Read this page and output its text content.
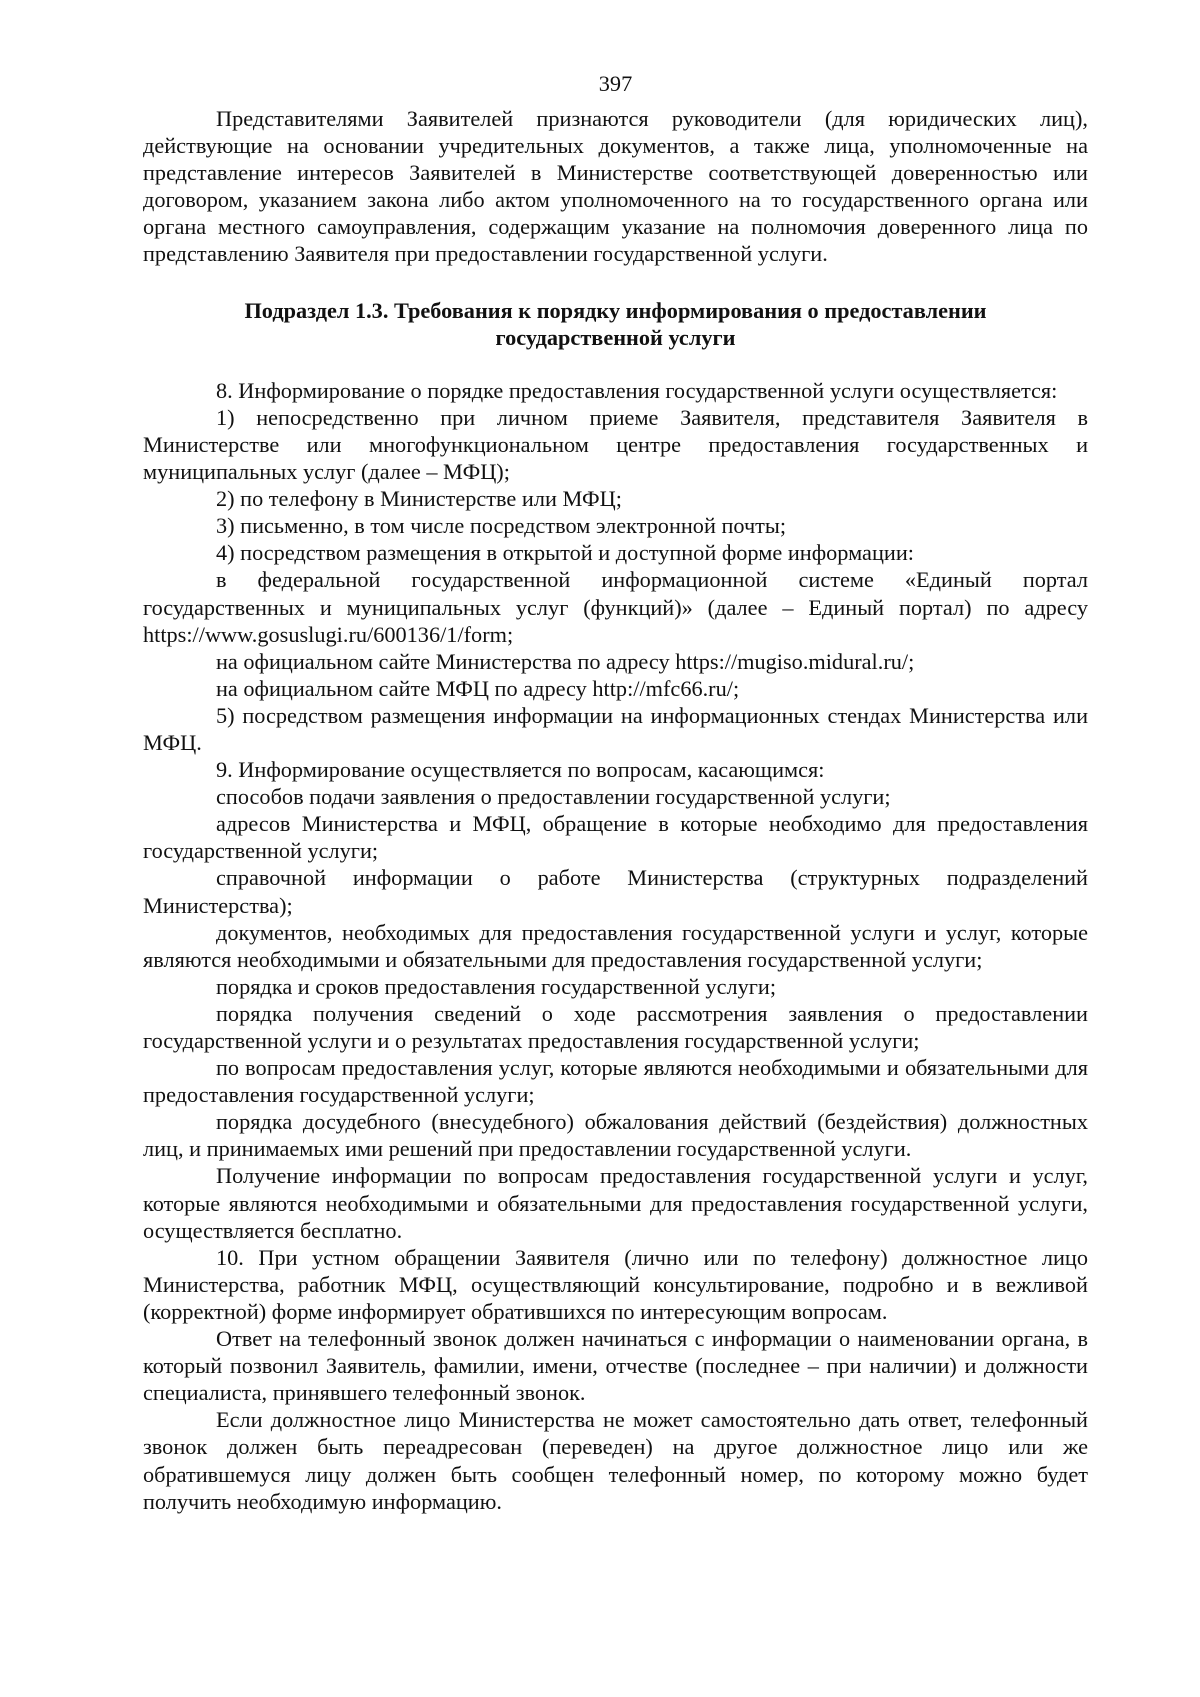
397

Представителями Заявителей признаются руководители (для юридических лиц), действующие на основании учредительных документов, а также лица, уполномоченные на представление интересов Заявителей в Министерстве соответствующей доверенностью или договором, указанием закона либо актом уполномоченного на то государственного органа или органа местного самоуправления, содержащим указание на полномочия доверенного лица по представлению Заявителя при предоставлении государственной услуги.

Подраздел 1.3. Требования к порядку информирования о предоставлении
государственной услуги

8. Информирование о порядке предоставления государственной услуги осуществляется:

1) непосредственно при личном приеме Заявителя, представителя Заявителя в Министерстве или многофункциональном центре предоставления государственных и муниципальных услуг (далее – МФЦ);

2) по телефону в Министерстве или МФЦ;

3) письменно, в том числе посредством электронной почты;

4) посредством размещения в открытой и доступной форме информации:

в федеральной государственной информационной системе «Единый портал государственных и муниципальных услуг (функций)» (далее – Единый портал) по адресу https://www.gosuslugi.ru/600136/1/form;

на официальном сайте Министерства по адресу https://mugiso.midural.ru/;

на официальном сайте МФЦ по адресу http://mfc66.ru/;

5) посредством размещения информации на информационных стендах Министерства или МФЦ.

9. Информирование осуществляется по вопросам, касающимся:

способов подачи заявления о предоставлении государственной услуги;

адресов Министерства и МФЦ, обращение в которые необходимо для предоставления государственной услуги;

справочной информации о работе Министерства (структурных подразделений Министерства);

документов, необходимых для предоставления государственной услуги и услуг, которые являются необходимыми и обязательными для предоставления государственной услуги;

порядка и сроков предоставления государственной услуги;

порядка получения сведений о ходе рассмотрения заявления о предоставлении государственной услуги и о результатах предоставления государственной услуги;

по вопросам предоставления услуг, которые являются необходимыми и обязательными для предоставления государственной услуги;

порядка досудебного (внесудебного) обжалования действий (бездействия) должностных лиц, и принимаемых ими решений при предоставлении государственной услуги.

Получение информации по вопросам предоставления государственной услуги и услуг, которые являются необходимыми и обязательными для предоставления государственной услуги, осуществляется бесплатно.

10. При устном обращении Заявителя (лично или по телефону) должностное лицо Министерства, работник МФЦ, осуществляющий консультирование, подробно и в вежливой (корректной) форме информирует обратившихся по интересующим вопросам.

Ответ на телефонный звонок должен начинаться с информации о наименовании органа, в который позвонил Заявитель, фамилии, имени, отчестве (последнее – при наличии) и должности специалиста, принявшего телефонный звонок.

Если должностное лицо Министерства не может самостоятельно дать ответ, телефонный звонок должен быть переадресован (переведен) на другое должностное лицо или же обратившемуся лицу должен быть сообщен телефонный номер, по которому можно будет получить необходимую информацию.
